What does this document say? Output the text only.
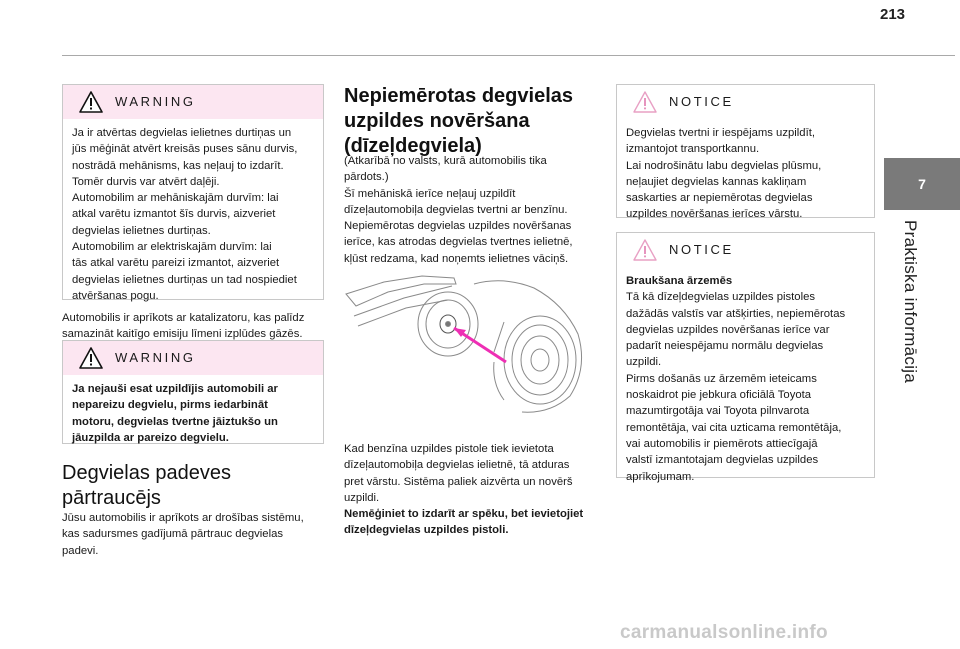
213
7
Praktiska informācija
WARNING

Ja ir atvērtas degvielas ielietnes durtiņas un

jūs mēģināt atvērt kreisās puses sānu durvis,

nostrādā mehānisms, kas neļauj to izdarīt.

Tomēr durvis var atvērt daļēji.

Automobilim ar mehāniskajām durvīm: lai

atkal varētu izmantot šīs durvis, aizveriet

degvielas ielietnes durtiņas.

Automobilim ar elektriskajām durvīm: lai

tās atkal varētu pareizi izmantot, aizveriet

degvielas ielietnes durtiņas un tad nospiediet

atvēršanas pogu.

Automobilis ir aprīkots ar katalizatoru, kas palīdz

samazināt kaitīgo emisiju līmeni izplūdes gāzēs.

WARNING

Ja nejauši esat uzpildījis automobili ar

nepareizu degvielu, pirms iedarbināt

motoru, degvielas tvertne jāiztukšo un

jāuzpilda ar pareizo degvielu.

Degvielas padeves
pārtraucējs

Jūsu automobilis ir aprīkots ar drošības sistēmu,

kas sadursmes gadījumā pārtrauc degvielas

padevi.

Nepiemērotas degvielas
uzpildes novēršana
(dīzeļdegviela)

(Atkarībā no valsts, kurā automobilis tika

pārdots.)

Šī mehāniskā ierīce neļauj uzpildīt

dīzeļautomobiļa degvielas tvertni ar benzīnu.

Nepiemērotas degvielas uzpildes novēršanas

ierīce, kas atrodas degvielas tvertnes ielietnē,

kļūst redzama, kad noņemts ielietnes vāciņš.

Kad benzīna uzpildes pistole tiek ievietota

dīzeļautomobiļa degvielas ielietnē, tā atduras

pret vārstu. Sistēma paliek aizvērta un novērš

uzpildi.

Nemēģiniet to izdarīt ar spēku, bet ievietojiet

dīzeļdegvielas uzpildes pistoli.

NOTICE

Degvielas tvertni ir iespējams uzpildīt,

izmantojot transportkannu.

Lai nodrošinātu labu degvielas plūsmu,

neļaujiet degvielas kannas kakliņam

saskarties ar nepiemērotas degvielas

uzpildes novēršanas ierīces vārstu.

NOTICE

Braukšana ārzemēs

Tā kā dīzeļdegvielas uzpildes pistoles

dažādās valstīs var atšķirties, nepiemērotas

degvielas uzpildes novēršanas ierīce var

padarīt neiespējamu normālu degvielas

uzpildi.

Pirms došanās uz ārzemēm ieteicams

noskaidrot pie jebkura oficiālā Toyota

mazumtirgotāja vai Toyota pilnvarota

remontētāja, vai cita uzticama remontētāja,

vai automobilis ir piemērots attiecīgajā

valstī izmantotajam degvielas uzpildes

aprīkojumam.

carmanualsonline.info
